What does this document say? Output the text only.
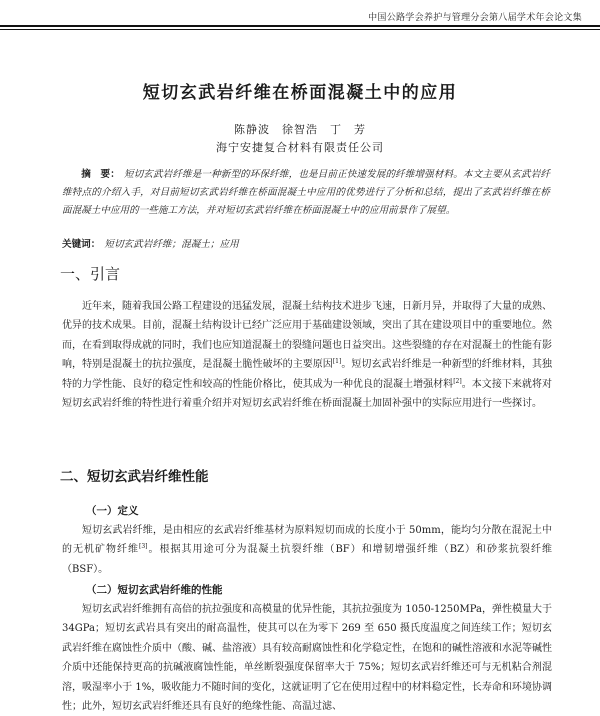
中国公路学会养护与管理分会第八届学术年会论文集
短切玄武岩纤维在桥面混凝土中的应用
陈静波　徐智浩　丁　芳
海宁安捷复合材料有限责任公司
摘　要： 短切玄武岩纤维是一种新型的环保纤维，也是目前正快速发展的纤维增强材料。本文主要从玄武岩纤维特点的介绍入手，对目前短切玄武岩纤维在桥面混凝土中应用的优势进行了分析和总结，提出了玄武岩纤维在桥面混凝土中应用的一些施工方法，并对短切玄武岩纤维在桥面混凝土中的应用前景作了展望。
关键词： 短切玄武岩纤维；混凝土；应用
一、引言
近年来，随着我国公路工程建设的迅猛发展，混凝土结构技术进步飞速，日新月异，并取得了大量的成熟、优异的技术成果。目前，混凝土结构设计已经广泛应用于基础建设领域，突出了其在建设项目中的重要地位。然而，在看到取得成就的同时，我们也应知道混凝土的裂缝问题也日益突出。这些裂缝的存在对混凝土的性能有影响，特别是混凝土的抗拉强度，是混凝土脆性破坏的主要原因[1]。短切玄武岩纤维是一种新型的纤维材料，其独特的力学性能、良好的稳定性和较高的性能价格比，使其成为一种优良的混凝土增强材料[2]。本文接下来就将对短切玄武岩纤维的特性进行着重介绍并对短切玄武岩纤维在桥面混凝土加固补强中的实际应用进行一些探讨。
二、短切玄武岩纤维性能
（一）定义
短切玄武岩纤维，是由相应的玄武岩纤维基材为原料短切而成的长度小于 50mm，能均匀分散在混泥土中的无机矿物纤维[3]。根据其用途可分为混凝土抗裂纤维（BF）和增韧增强纤维（BZ）和砂浆抗裂纤维（BSF）。
（二）短切玄武岩纤维的性能
短切玄武岩纤维拥有高倍的抗拉强度和高模量的优异性能，其抗拉强度为 1050-1250MPa，弹性模量大于 34GPa；短切玄武岩具有突出的耐高温性，使其可以在为零下 269 至 650 摄氏度温度之间连续工作；短切玄武岩纤维在腐蚀性介质中（酸、碱、盐溶液）具有较高耐腐蚀性和化学稳定性，在饱和的碱性溶液和水泥等碱性介质中还能保持更高的抗碱液腐蚀性能，单丝断裂强度保留率大于 75%；短切玄武岩纤维还可与无机粘合剂混溶，吸湿率小于 1%，吸收能力不随时间的变化，这就证明了它在使用过程中的材料稳定性，长寿命和环境协调性；此外，短切玄武岩纤维还具有良好的绝缘性能、高温过滤、
